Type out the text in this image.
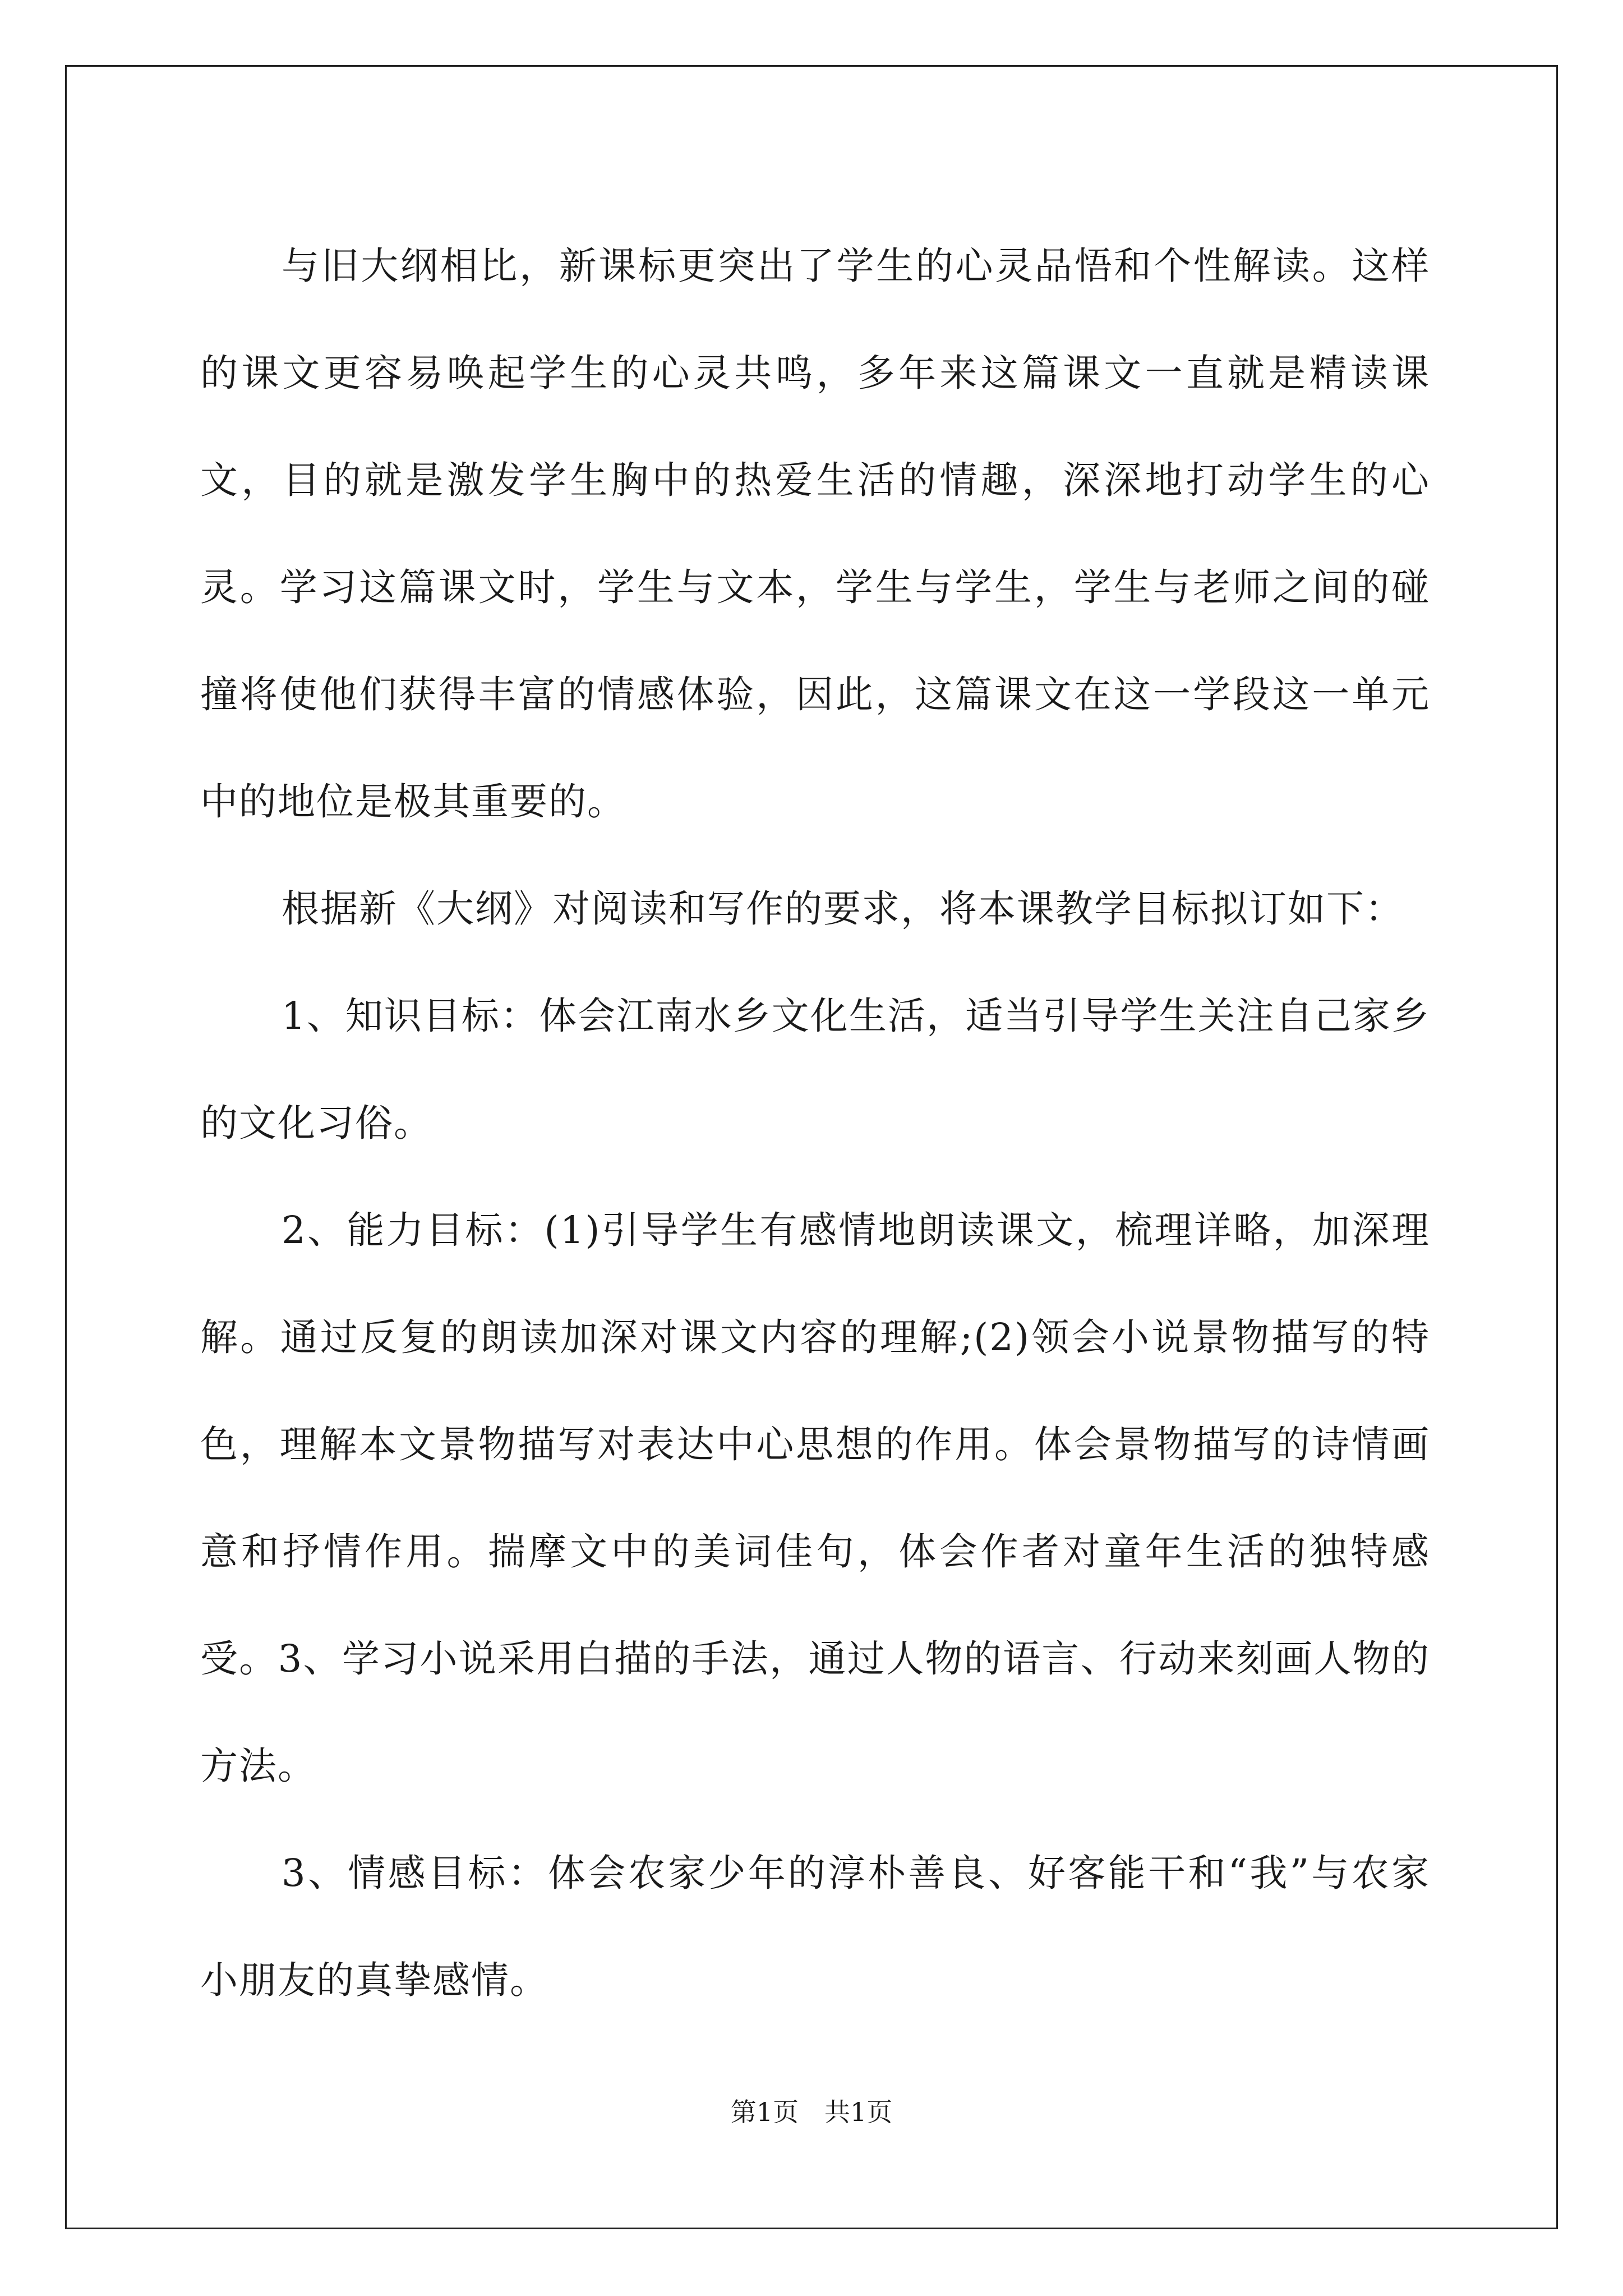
与旧大纲相比，新课标更突出了学生的心灵品悟和个性解读。这样的课文更容易唤起学生的心灵共鸣，多年来这篇课文一直就是精读课文，目的就是激发学生胸中的热爱生活的情趣，深深地打动学生的心灵。学习这篇课文时，学生与文本，学生与学生，学生与老师之间的碰撞将使他们获得丰富的情感体验，因此，这篇课文在这一学段这一单元中的地位是极其重要的。

根据新《大纲》对阅读和写作的要求，将本课教学目标拟订如下：

1、知识目标：体会江南水乡文化生活，适当引导学生关注自己家乡的文化习俗。

2、能力目标：(1)引导学生有感情地朗读课文，梳理详略，加深理解。通过反复的朗读加深对课文内容的理解;(2)领会小说景物描写的特色，理解本文景物描写对表达中心思想的作用。体会景物描写的诗情画意和抒情作用。揣摩文中的美词佳句，体会作者对童年生活的独特感受。3、学习小说采用白描的手法，通过人物的语言、行动来刻画人物的方法。

3、情感目标：体会农家少年的淳朴善良、好客能干和“我”与农家小朋友的真挚感情。

第1页 共1页
